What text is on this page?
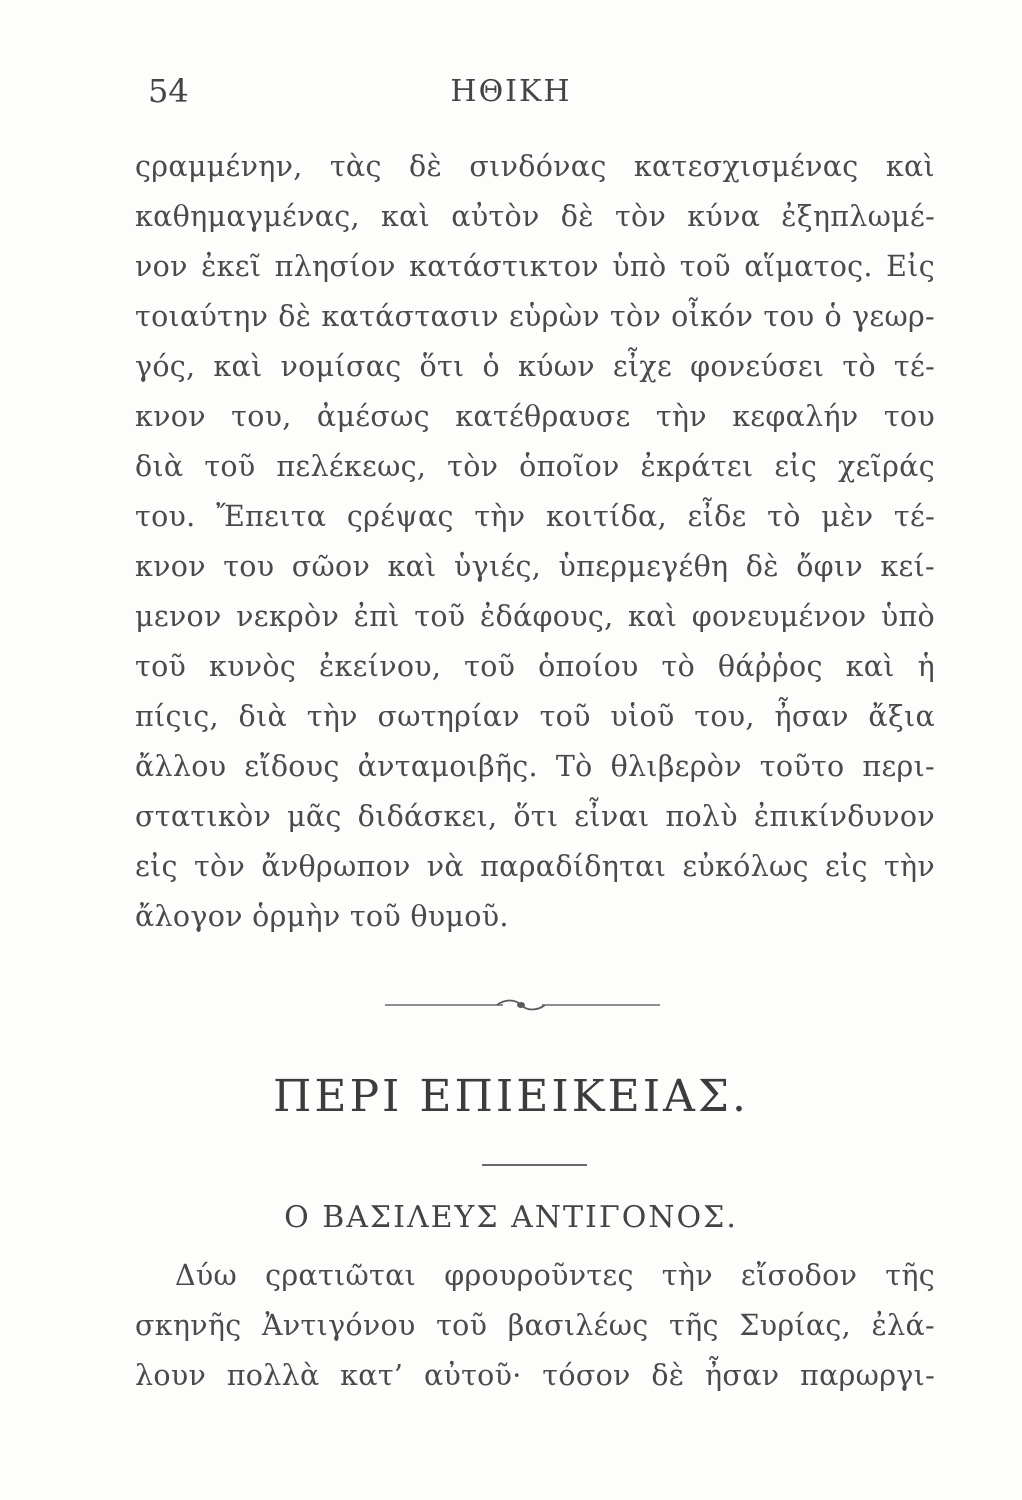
54	ΗΘΙΚΗ
ςραμμένην, τὰς δὲ σινδόνας κατεσχισμένας καὶ
καθημαγμένας, καὶ αὐτὸν δὲ τὸν κύνα ἐξηπλωμέ-
νον ἐκεῖ πλησίον κατάστικτον ὑπὸ τοῦ αἵματος. Εἰς
τοιαύτην δὲ κατάστασιν εὑρὼν τὸν οἶκόν του ὁ γεωρ-
γός, καὶ νομίσας ὅτι ὁ κύων εἶχε φονεύσει τὸ τέ-
κνον του, ἀμέσως κατέθραυσε τὴν κεφαλήν του
διὰ τοῦ πελέκεως, τὸν ὁποῖον ἐκράτει εἰς χεῖράς
του. Ἔπειτα ςρέψας τὴν κοιτίδα, εἶδε τὸ μὲν τέ-
κνον του σῶον καὶ ὑγιές, ὑπερμεγέθη δὲ ὄφιν κεί-
μενον νεκρὸν ἐπὶ τοῦ ἐδάφους, καὶ φονευμένον ὑπὸ
τοῦ κυνὸς ἐκείνου, τοῦ ὁποίου τὸ θάῤῥος καὶ ἡ
πίςις, διὰ τὴν σωτηρίαν τοῦ υἱοῦ του, ἦσαν ἄξια
ἄλλου εἴδους ἀνταμοιβῆς. Τὸ θλιβερὸν τοῦτο περι-
στατικὸν μᾶς διδάσκει, ὅτι εἶναι πολὺ ἐπικίνδυνον
εἰς τὸν ἄνθρωπον νὰ παραδίδηται εὐκόλως εἰς τὴν
ἄλογον ὁρμὴν τοῦ θυμοῦ.
ΠΕΡΙ ΕΠΙΕΙΚΕΙΑΣ.
Ο ΒΑΣΙΛΕΥΣ ΑΝΤΙΓΟΝΟΣ.
Δύω ςρατιῶται φρουροῦντες τὴν εἴσοδον τῆς
σκηνῆς Ἀντιγόνου τοῦ βασιλέως τῆς Συρίας, ἐλά-
λουν πολλὰ κατ’ αὐτοῦ· τόσον δὲ ἦσαν παρωργι-
